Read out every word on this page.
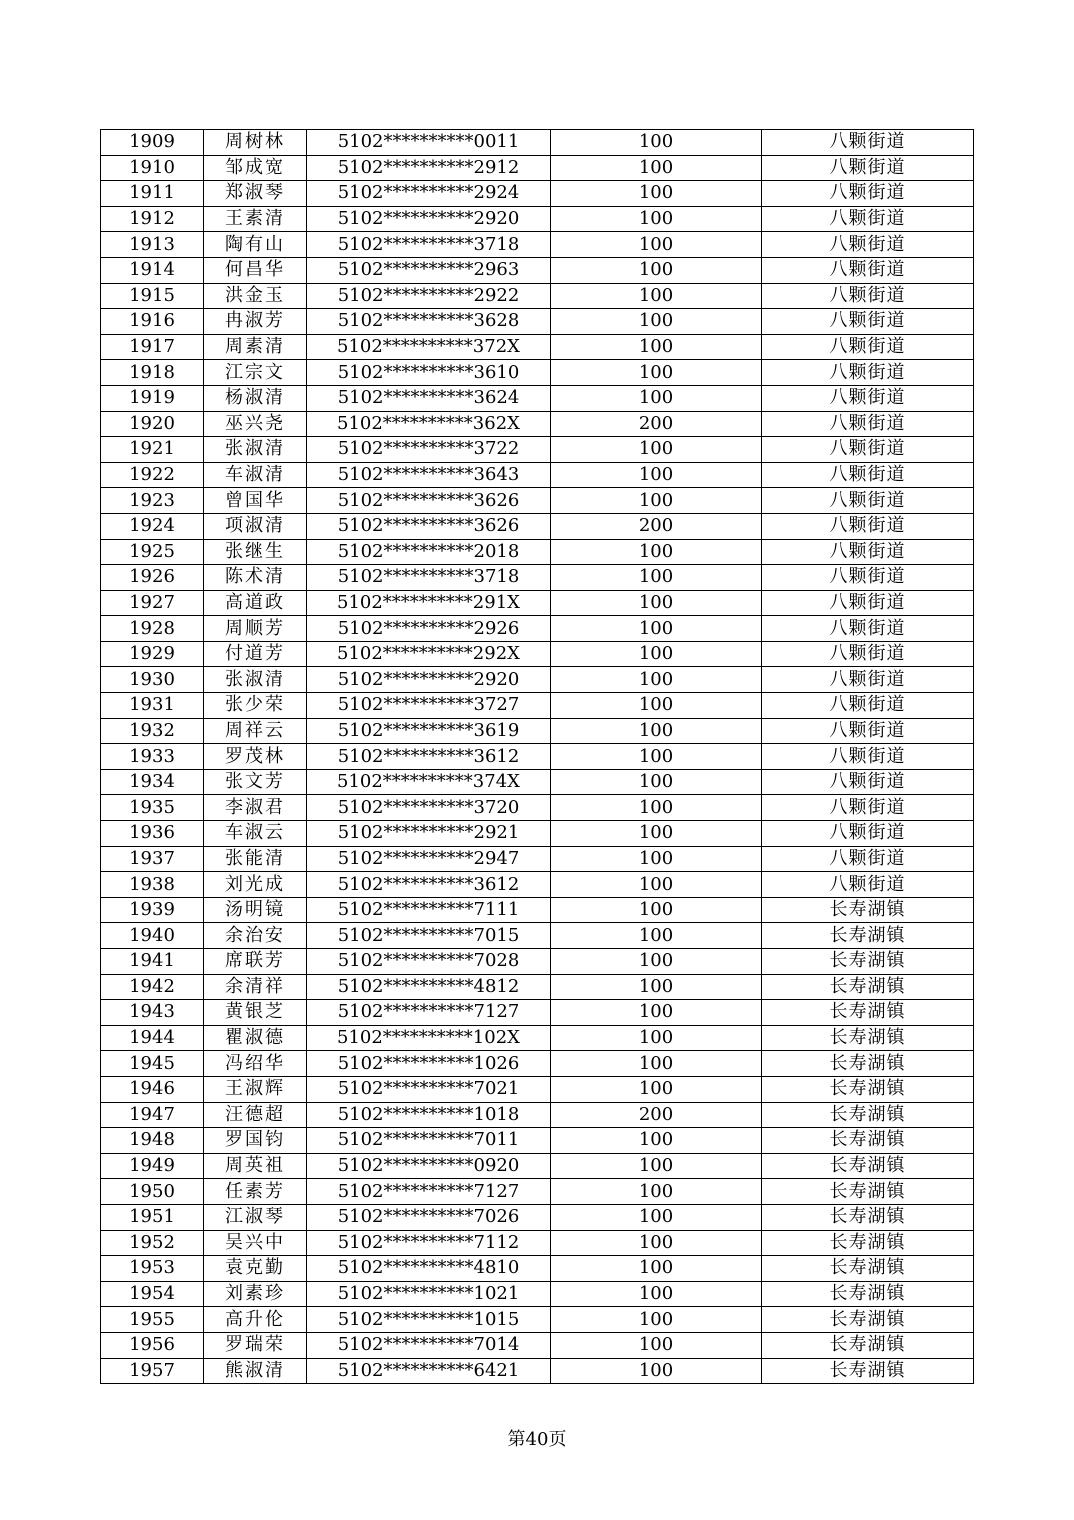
1909	周树林	5102**********0011	100	八颗街道
1910	邹成宽	5102**********2912	100	八颗街道
1911	郑淑琴	5102**********2924	100	八颗街道
1912	王素清	5102**********2920	100	八颗街道
1913	陶有山	5102**********3718	100	八颗街道
1914	何昌华	5102**********2963	100	八颗街道
1915	洪金玉	5102**********2922	100	八颗街道
1916	冉淑芳	5102**********3628	100	八颗街道
1917	周素清	5102**********372X	100	八颗街道
1918	江宗文	5102**********3610	100	八颗街道
1919	杨淑清	5102**********3624	100	八颗街道
1920	巫兴尧	5102**********362X	200	八颗街道
1921	张淑清	5102**********3722	100	八颗街道
1922	车淑清	5102**********3643	100	八颗街道
1923	曾国华	5102**********3626	100	八颗街道
1924	项淑清	5102**********3626	200	八颗街道
1925	张继生	5102**********2018	100	八颗街道
1926	陈术清	5102**********3718	100	八颗街道
1927	高道政	5102**********291X	100	八颗街道
1928	周顺芳	5102**********2926	100	八颗街道
1929	付道芳	5102**********292X	100	八颗街道
1930	张淑清	5102**********2920	100	八颗街道
1931	张少荣	5102**********3727	100	八颗街道
1932	周祥云	5102**********3619	100	八颗街道
1933	罗茂林	5102**********3612	100	八颗街道
1934	张文芳	5102**********374X	100	八颗街道
1935	李淑君	5102**********3720	100	八颗街道
1936	车淑云	5102**********2921	100	八颗街道
1937	张能清	5102**********2947	100	八颗街道
1938	刘光成	5102**********3612	100	八颗街道
1939	汤明镜	5102**********7111	100	长寿湖镇
1940	余治安	5102**********7015	100	长寿湖镇
1941	席联芳	5102**********7028	100	长寿湖镇
1942	余清祥	5102**********4812	100	长寿湖镇
1943	黄银芝	5102**********7127	100	长寿湖镇
1944	瞿淑德	5102**********102X	100	长寿湖镇
1945	冯绍华	5102**********1026	100	长寿湖镇
1946	王淑辉	5102**********7021	100	长寿湖镇
1947	汪德超	5102**********1018	200	长寿湖镇
1948	罗国钧	5102**********7011	100	长寿湖镇
1949	周英祖	5102**********0920	100	长寿湖镇
1950	任素芳	5102**********7127	100	长寿湖镇
1951	江淑琴	5102**********7026	100	长寿湖镇
1952	吴兴中	5102**********7112	100	长寿湖镇
1953	袁克勤	5102**********4810	100	长寿湖镇
1954	刘素珍	5102**********1021	100	长寿湖镇
1955	高升伦	5102**********1015	100	长寿湖镇
1956	罗瑞荣	5102**********7014	100	长寿湖镇
1957	熊淑清	5102**********6421	100	长寿湖镇
第40页
